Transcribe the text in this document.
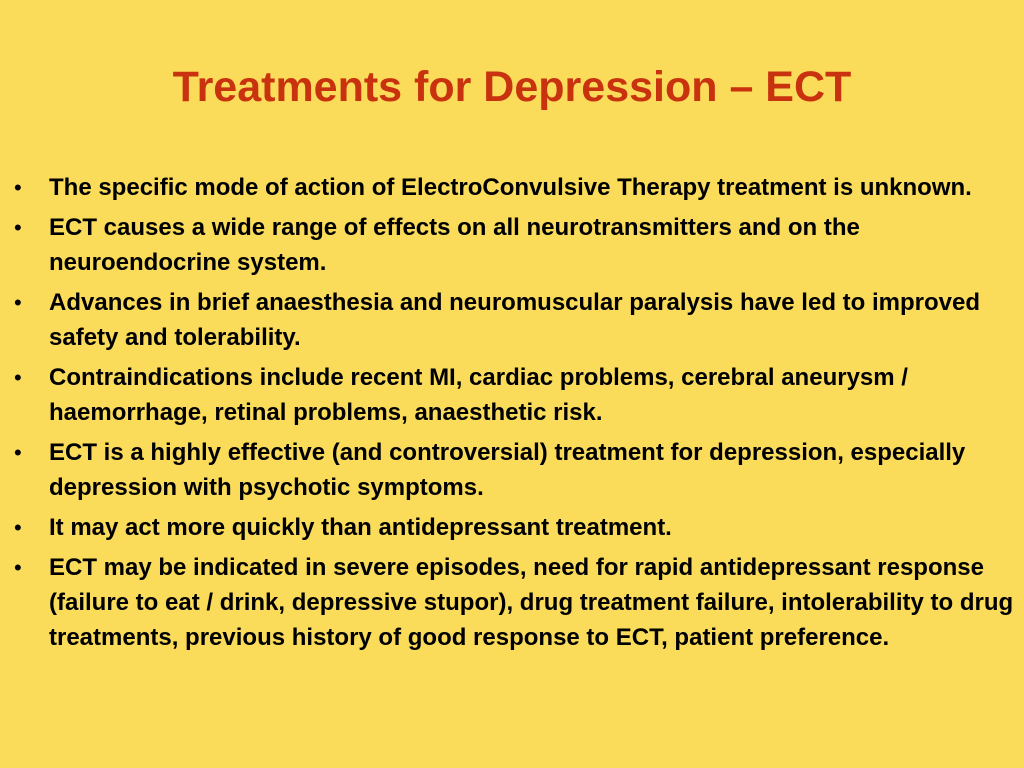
Treatments for Depression – ECT
•	The specific mode of action of ElectroConvulsive Therapy treatment is unknown.
•	ECT causes a wide range of effects on all neurotransmitters and on the neuroendocrine system.
•	Advances in brief anaesthesia and neuromuscular paralysis have led to improved safety and tolerability.
•	Contraindications include recent MI, cardiac problems, cerebral aneurysm / haemorrhage, retinal problems, anaesthetic risk.
•	ECT is a highly effective (and controversial) treatment for depression, especially depression with psychotic symptoms.
•	It may act more quickly than antidepressant treatment.
•	ECT may be indicated in severe episodes, need for rapid antidepressant response (failure to eat / drink, depressive stupor), drug treatment failure, intolerability to drug treatments, previous history of good response to ECT, patient preference.
